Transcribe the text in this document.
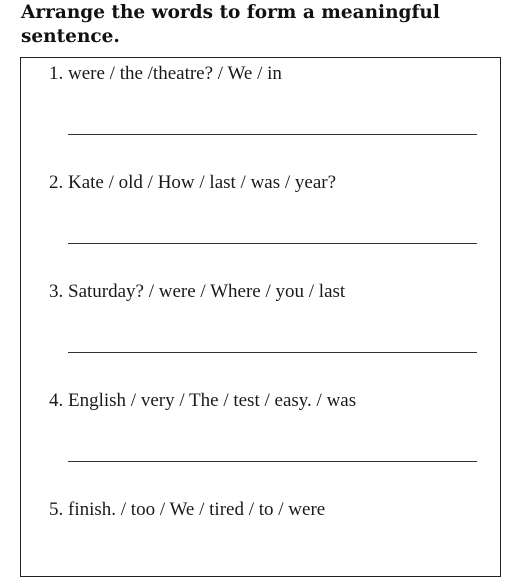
Arrange the words to form a meaningful sentence.
1. were / the /theatre? / We / in
2. Kate / old / How / last / was / year?
3. Saturday? / were / Where / you / last
4. English / very / The / test / easy. / was
5. finish. / too / We / tired / to / were
